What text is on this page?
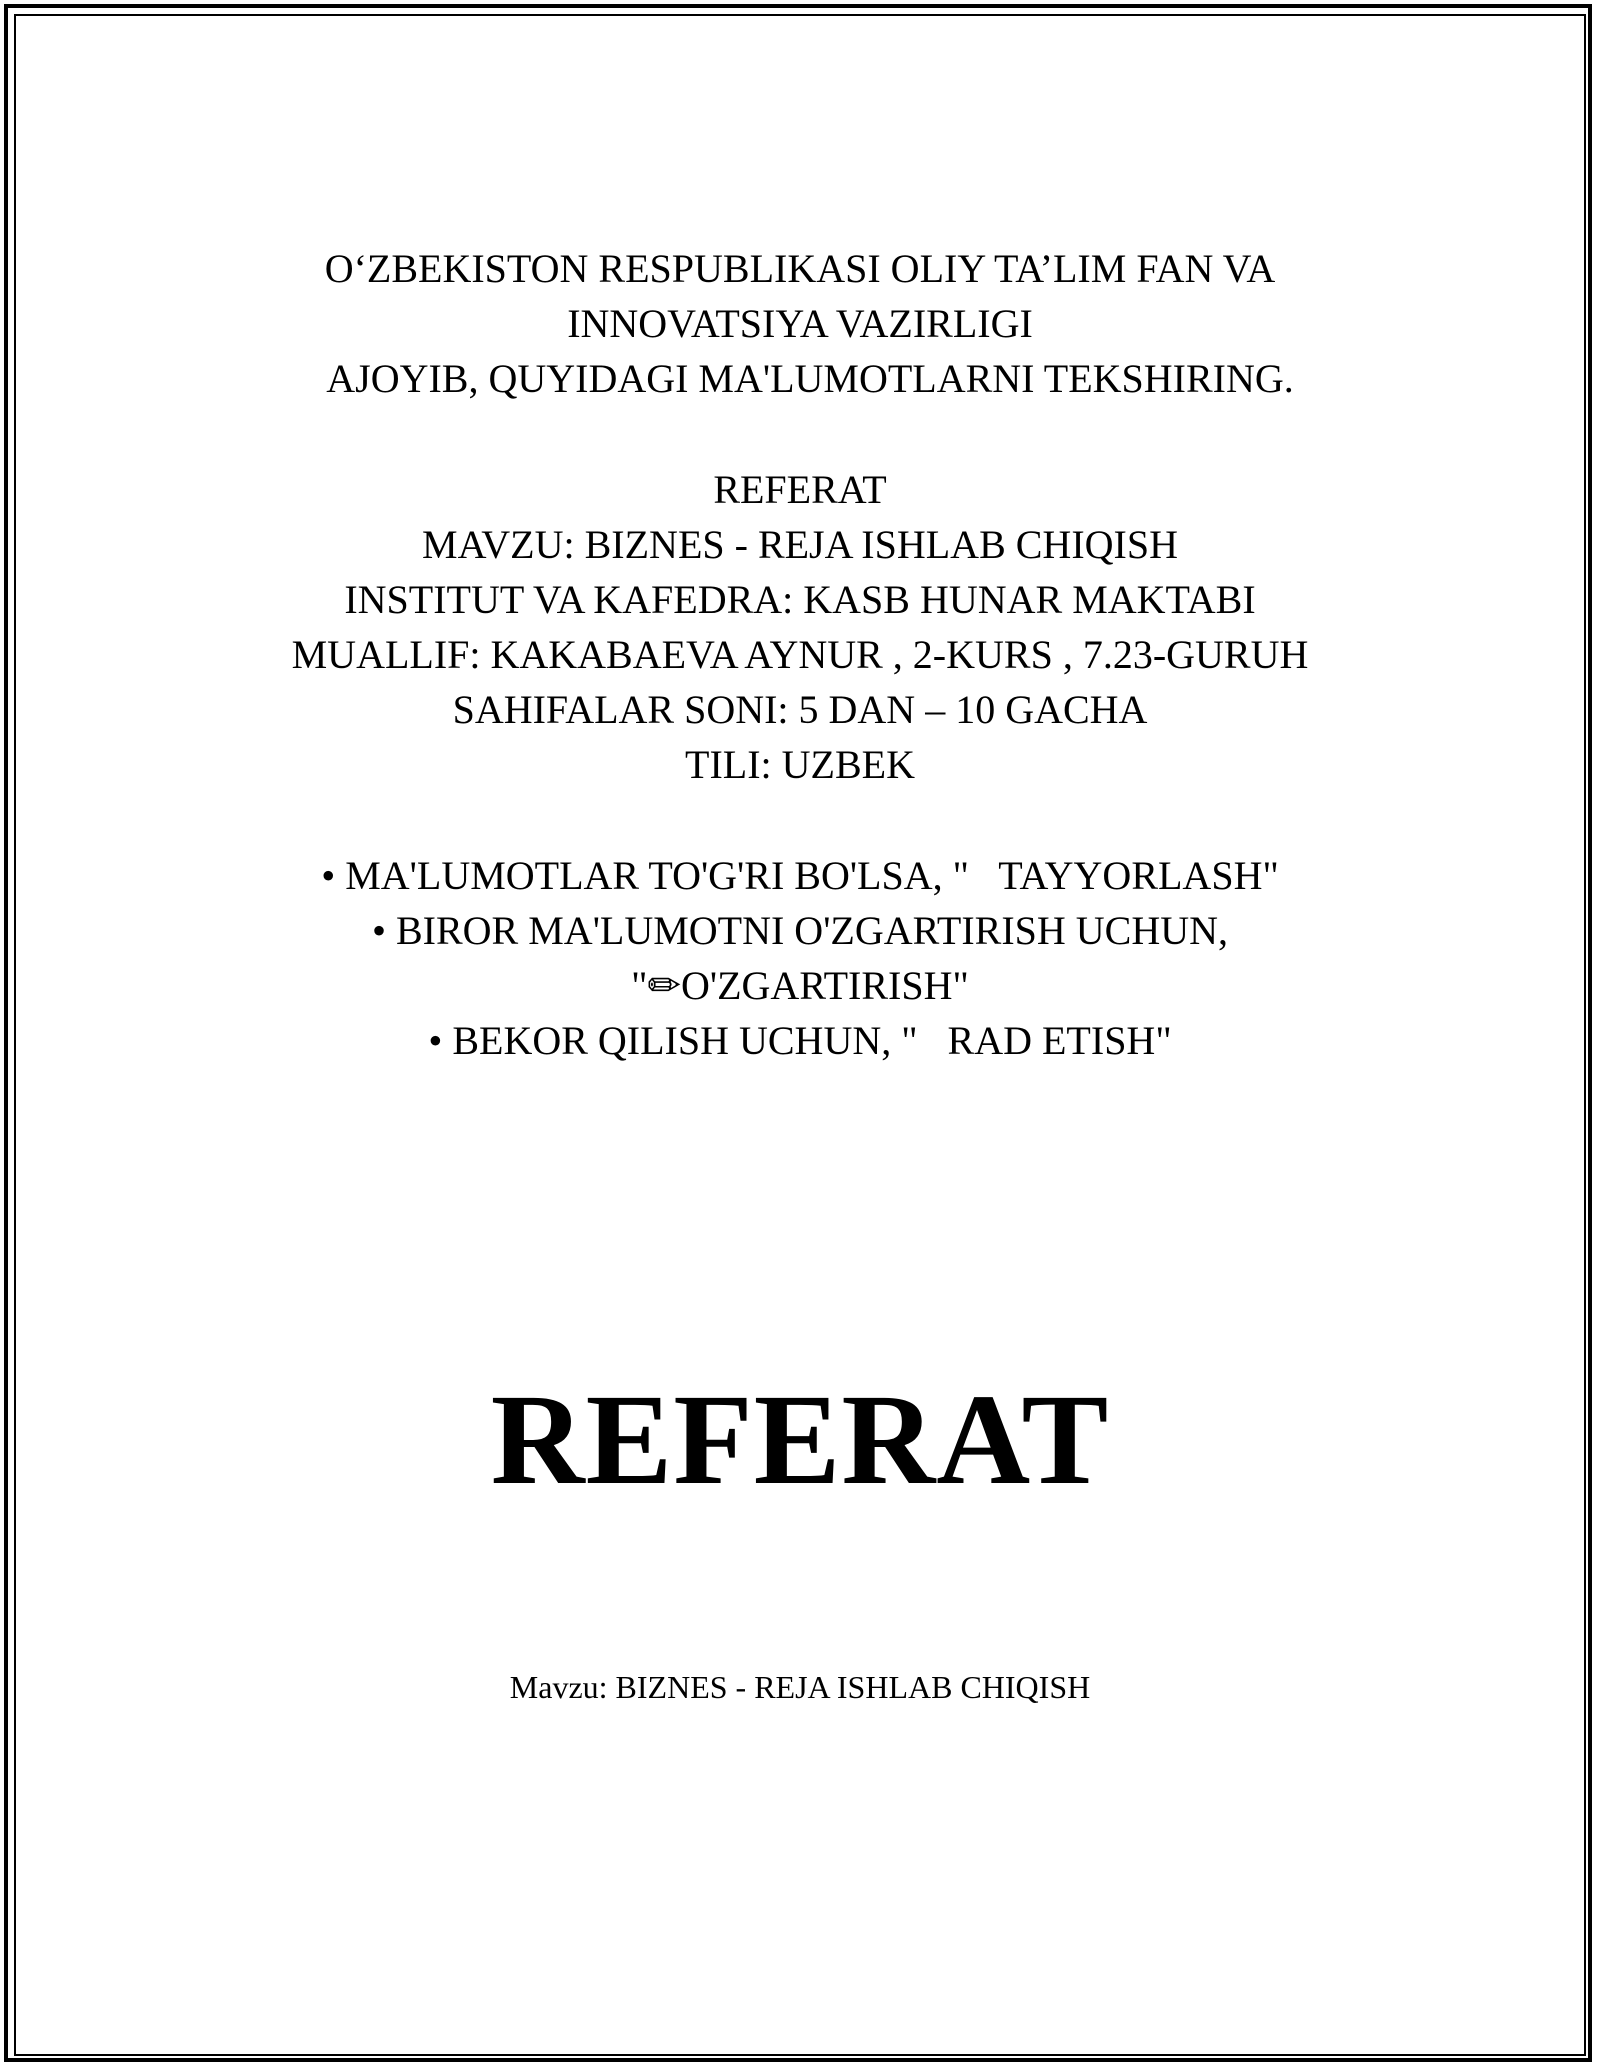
O‘ZBEKISTON RESPUBLIKASI OLIY TA’LIM FAN VA
INNOVATSIYA VAZIRLIGI
AJOYIB, QUYIDAGI MA'LUMOTLARNI TEKSHIRING.
REFERAT
MAVZU: BIZNES - REJA ISHLAB CHIQISH
INSTITUT VA KAFEDRA: KASB HUNAR MAKTABI
MUALLIF: KAKABAEVA AYNUR , 2-KURS , 7.23-GURUH
SAHIFALAR SONI: 5 DAN – 10 GACHA
TILI: UZBEK
• MA'LUMOTLAR TO'G'RI BO'LSA, "   TAYYORLASH"
• BIROR MA'LUMOTNI O'ZGARTIRISH UCHUN,
"✏O'ZGARTIRISH"
• BEKOR QILISH UCHUN, "   RAD ETISH"
REFERAT
Mavzu: BIZNES - REJA ISHLAB CHIQISH
